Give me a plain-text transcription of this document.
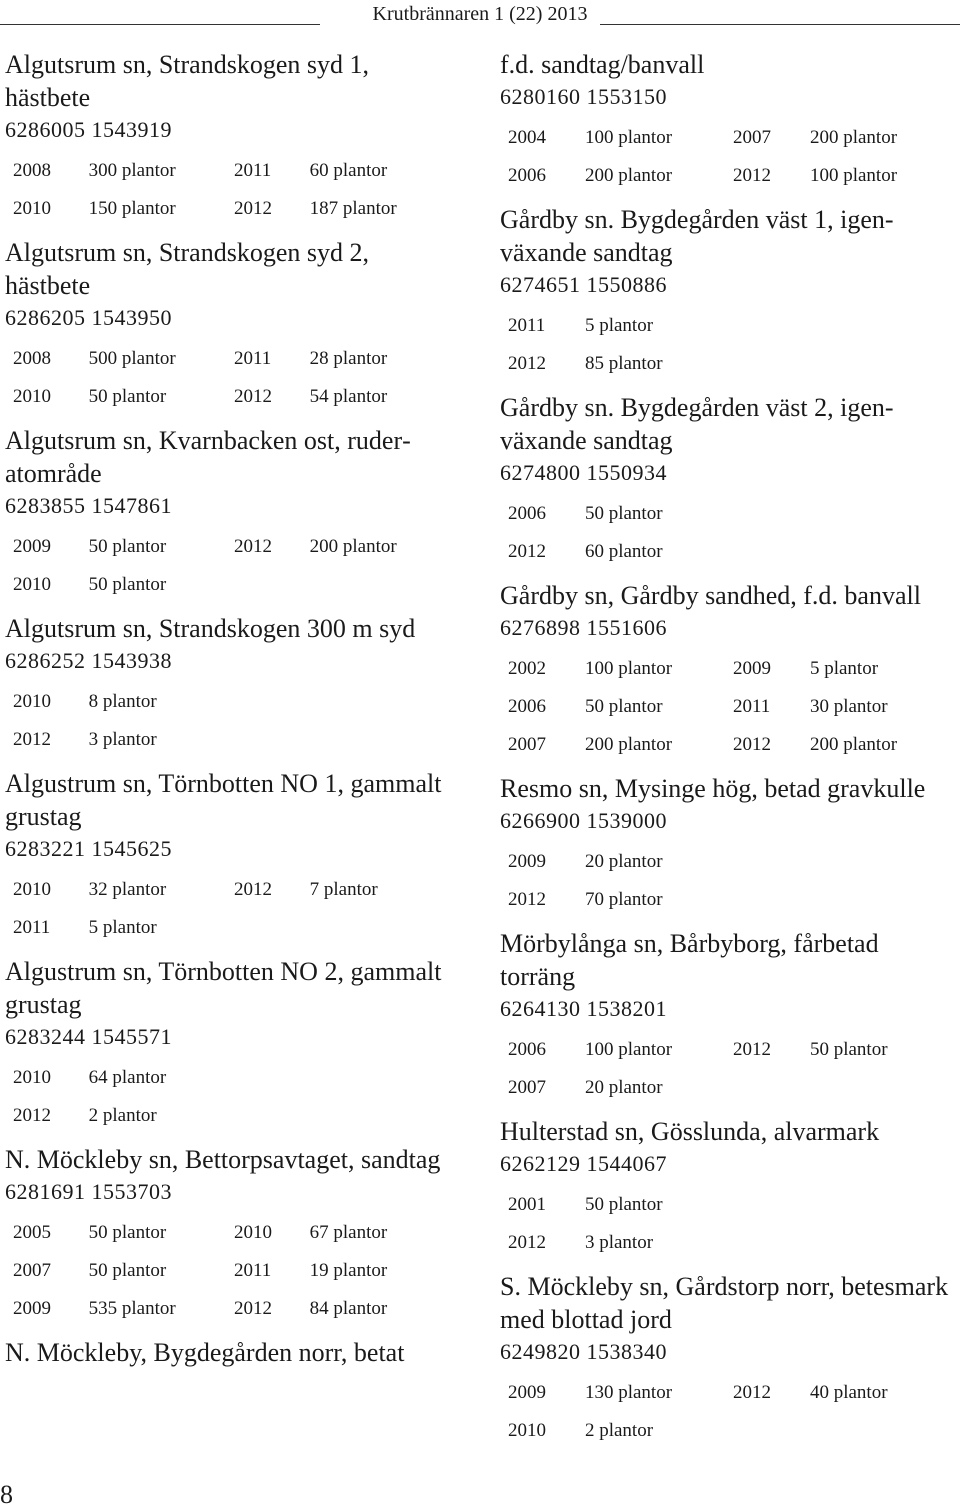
Krutbrännaren 1 (22) 2013
Algutsrum sn, Strandskogen syd 1, hästbete
6286005 1543919
2008	300 plantor	2011	60 plantor
2010	150 plantor	2012	187 plantor
Algutsrum sn, Strandskogen syd 2, hästbete
6286205 1543950
2008	500 plantor	2011	28 plantor
2010	50 plantor	2012	54 plantor
Algutsrum sn, Kvarnbacken ost, ruderatområde
6283855 1547861
2009	50 plantor	2012	200 plantor
2010	50 plantor
Algutsrum sn, Strandskogen 300 m syd
6286252 1543938
2010	8 plantor
2012	3 plantor
Algustrum sn, Törnbotten NO 1, gammalt grustag
6283221 1545625
2010	32 plantor	2012	7 plantor
2011	5 plantor
Algustrum sn, Törnbotten NO 2, gammalt grustag
6283244 1545571
2010	64 plantor
2012	2 plantor
N. Möckleby sn, Bettorpsavtaget, sandtag
6281691 1553703
2005	50 plantor	2010	67 plantor
2007	50 plantor	2011	19 plantor
2009	535 plantor	2012	84 plantor
N. Möckleby, Bygdegården norr, betat
f.d. sandtag/banvall
6280160 1553150
2004	100 plantor	2007	200 plantor
2006	200 plantor	2012	100 plantor
Gårdby sn. Bygdegården väst 1, igenväxande sandtag
6274651 1550886
2011	5 plantor
2012	85 plantor
Gårdby sn. Bygdegården väst 2, igenväxande sandtag
6274800 1550934
2006	50 plantor
2012	60 plantor
Gårdby sn, Gårdby sandhed, f.d. banvall
6276898 1551606
2002	100 plantor	2009	5 plantor
2006	50 plantor	2011	30 plantor
2007	200 plantor	2012	200 plantor
Resmo sn, Mysinge hög, betad gravkulle
6266900 1539000
2009	20 plantor
2012	70 plantor
Mörbylånga sn, Bårbyborg, fårbetad torräng
6264130 1538201
2006	100 plantor	2012	50 plantor
2007	20 plantor
Hulterstad sn, Gösslunda, alvarmark
6262129 1544067
2001	50 plantor
2012	3 plantor
S. Möckleby sn, Gårdstorp norr, betesmark med blottad jord
6249820 1538340
2009	130 plantor	2012	40 plantor
2010	2 plantor
8
